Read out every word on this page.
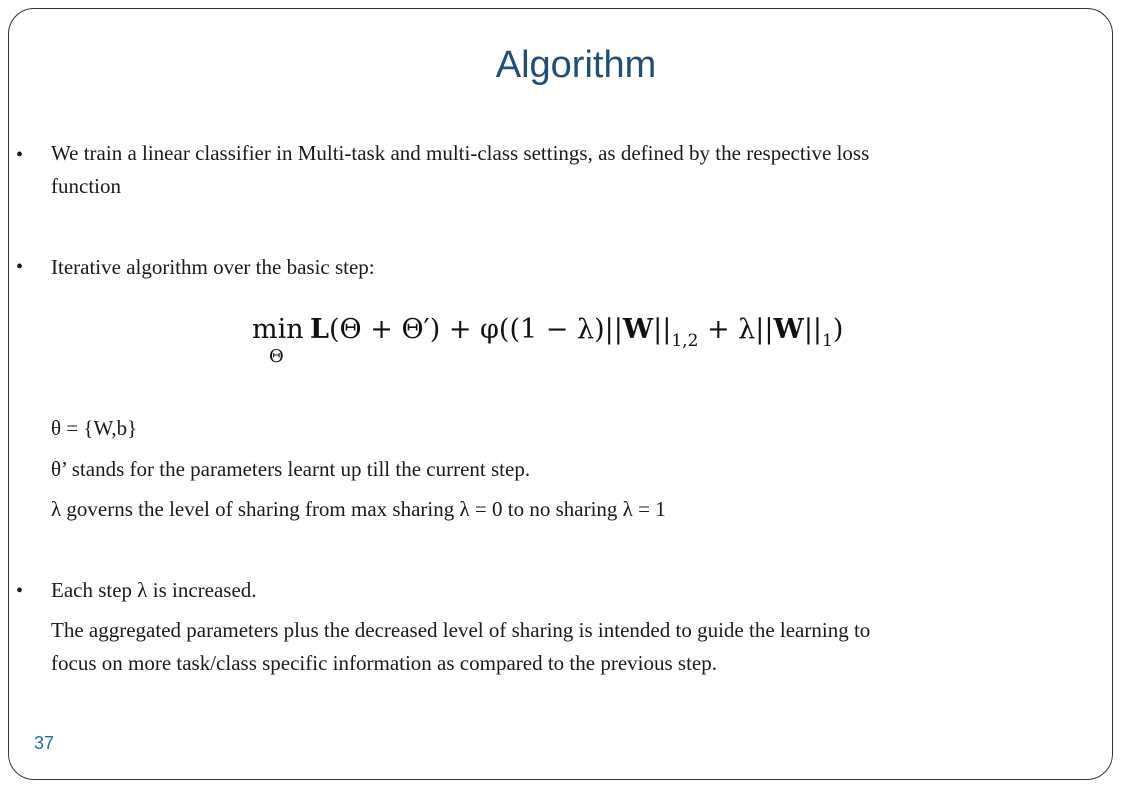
Algorithm
• We train a linear classifier in Multi-task and multi-class settings, as defined by the respective loss

function

• Iterative algorithm over the basic step:

min
Θ
$L(\Theta + \Theta') + \varphi((1 - \lambda)||W||_{1,2} + \lambda||W||_1)$

θ = {W,b}

θ’ stands for the parameters learnt up till the current step.

λ governs the level of sharing from max sharing λ = 0 to no sharing λ = 1

• Each step λ is increased.

The aggregated parameters plus the decreased level of sharing is intended to guide the learning to

focus on more task/class specific information as compared to the previous step.

37
